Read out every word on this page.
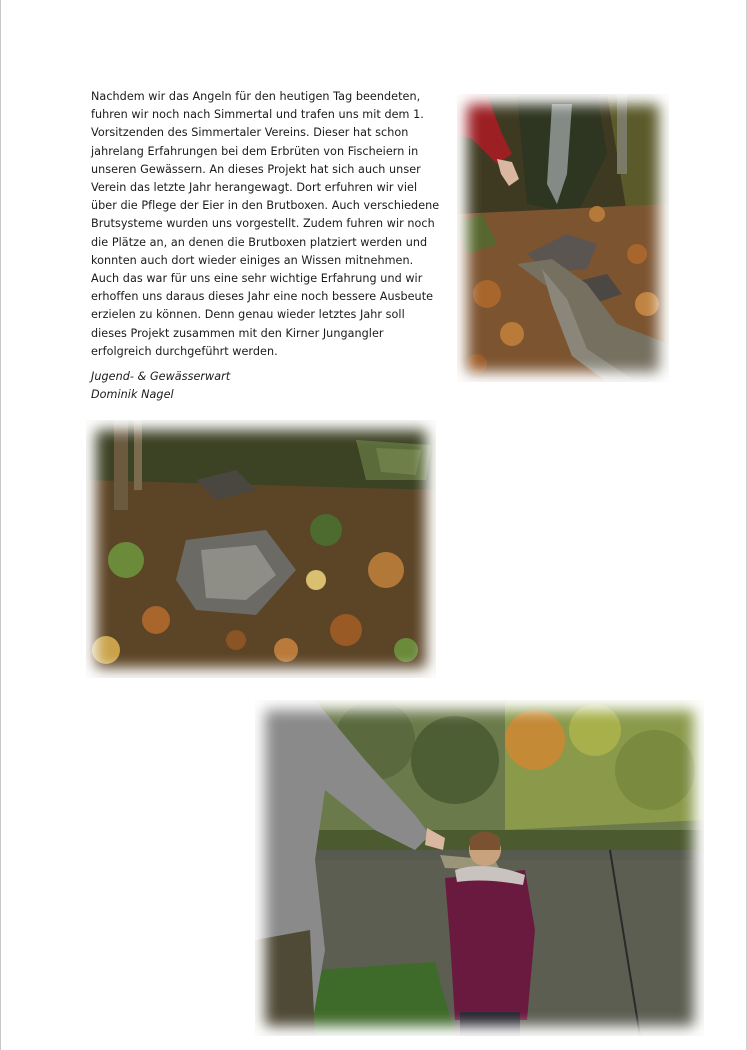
Nachdem wir das Angeln für den heutigen Tag beendeten, fuhren wir noch nach Simmertal und trafen uns mit dem 1. Vorsitzenden des Simmertaler Vereins. Dieser hat schon jahrelang Erfahrungen bei dem Erbrüten von Fischeiern in unseren Gewässern. An dieses Projekt hat sich auch unser Verein das letzte Jahr herangewagt. Dort erfuhren wir viel über die Pflege der Eier in den Brutboxen. Auch verschiedene Brutsysteme wurden uns vorgestellt. Zudem fuhren wir noch die Plätze an, an denen die Brutboxen platziert werden und konnten auch dort wieder einiges an Wissen mitnehmen. Auch das war für uns eine sehr wichtige Erfahrung und wir erhoffen uns daraus dieses Jahr eine noch bessere Ausbeute erzielen zu können. Denn genau wieder letztes Jahr soll dieses Projekt zusammen mit den Kirner Jungangler erfolgreich durchgeführt werden.

Jugend- & Gewässerwart
Dominik Nagel
